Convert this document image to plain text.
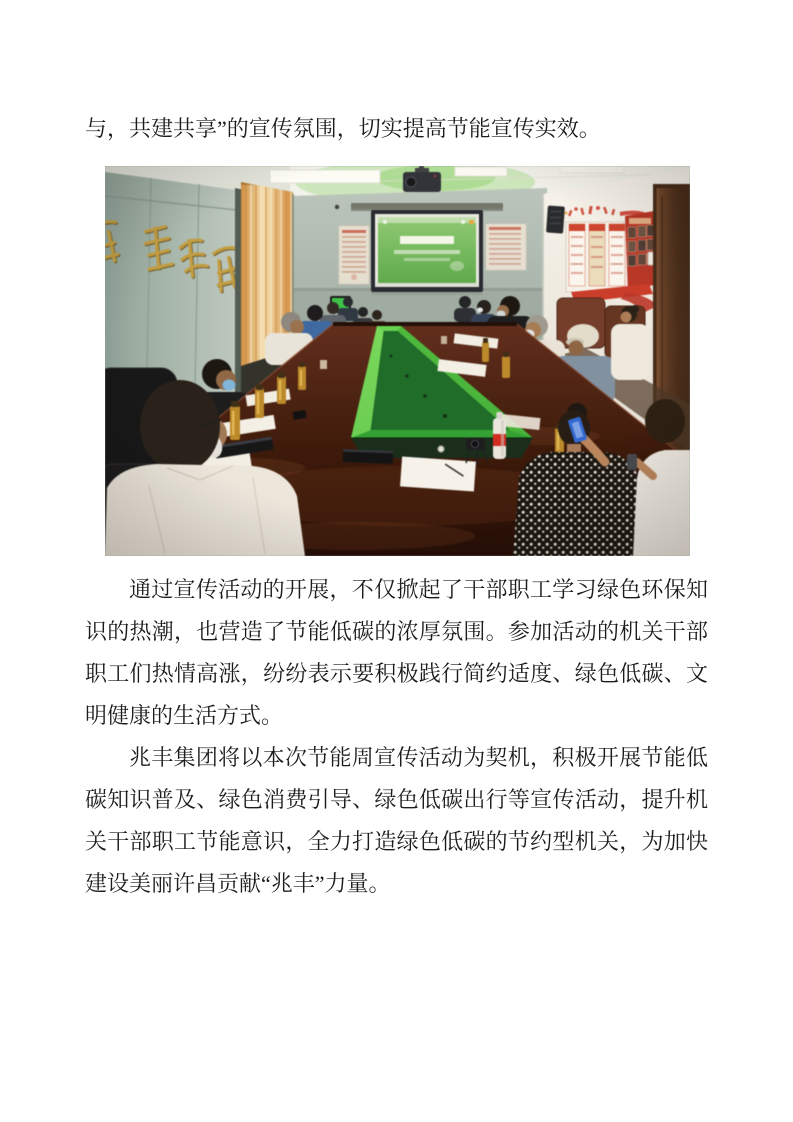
与，共建共享”的宣传氛围，切实提高节能宣传实效。

通过宣传活动的开展，不仅掀起了干部职工学习绿色环保知

识的热潮，也营造了节能低碳的浓厚氛围。参加活动的机关干部

职工们热情高涨，纷纷表示要积极践行简约适度、绿色低碳、文

明健康的生活方式。

兆丰集团将以本次节能周宣传活动为契机，积极开展节能低

碳知识普及、绿色消费引导、绿色低碳出行等宣传活动，提升机

关干部职工节能意识，全力打造绿色低碳的节约型机关，为加快

建设美丽许昌贡献“兆丰”力量。
